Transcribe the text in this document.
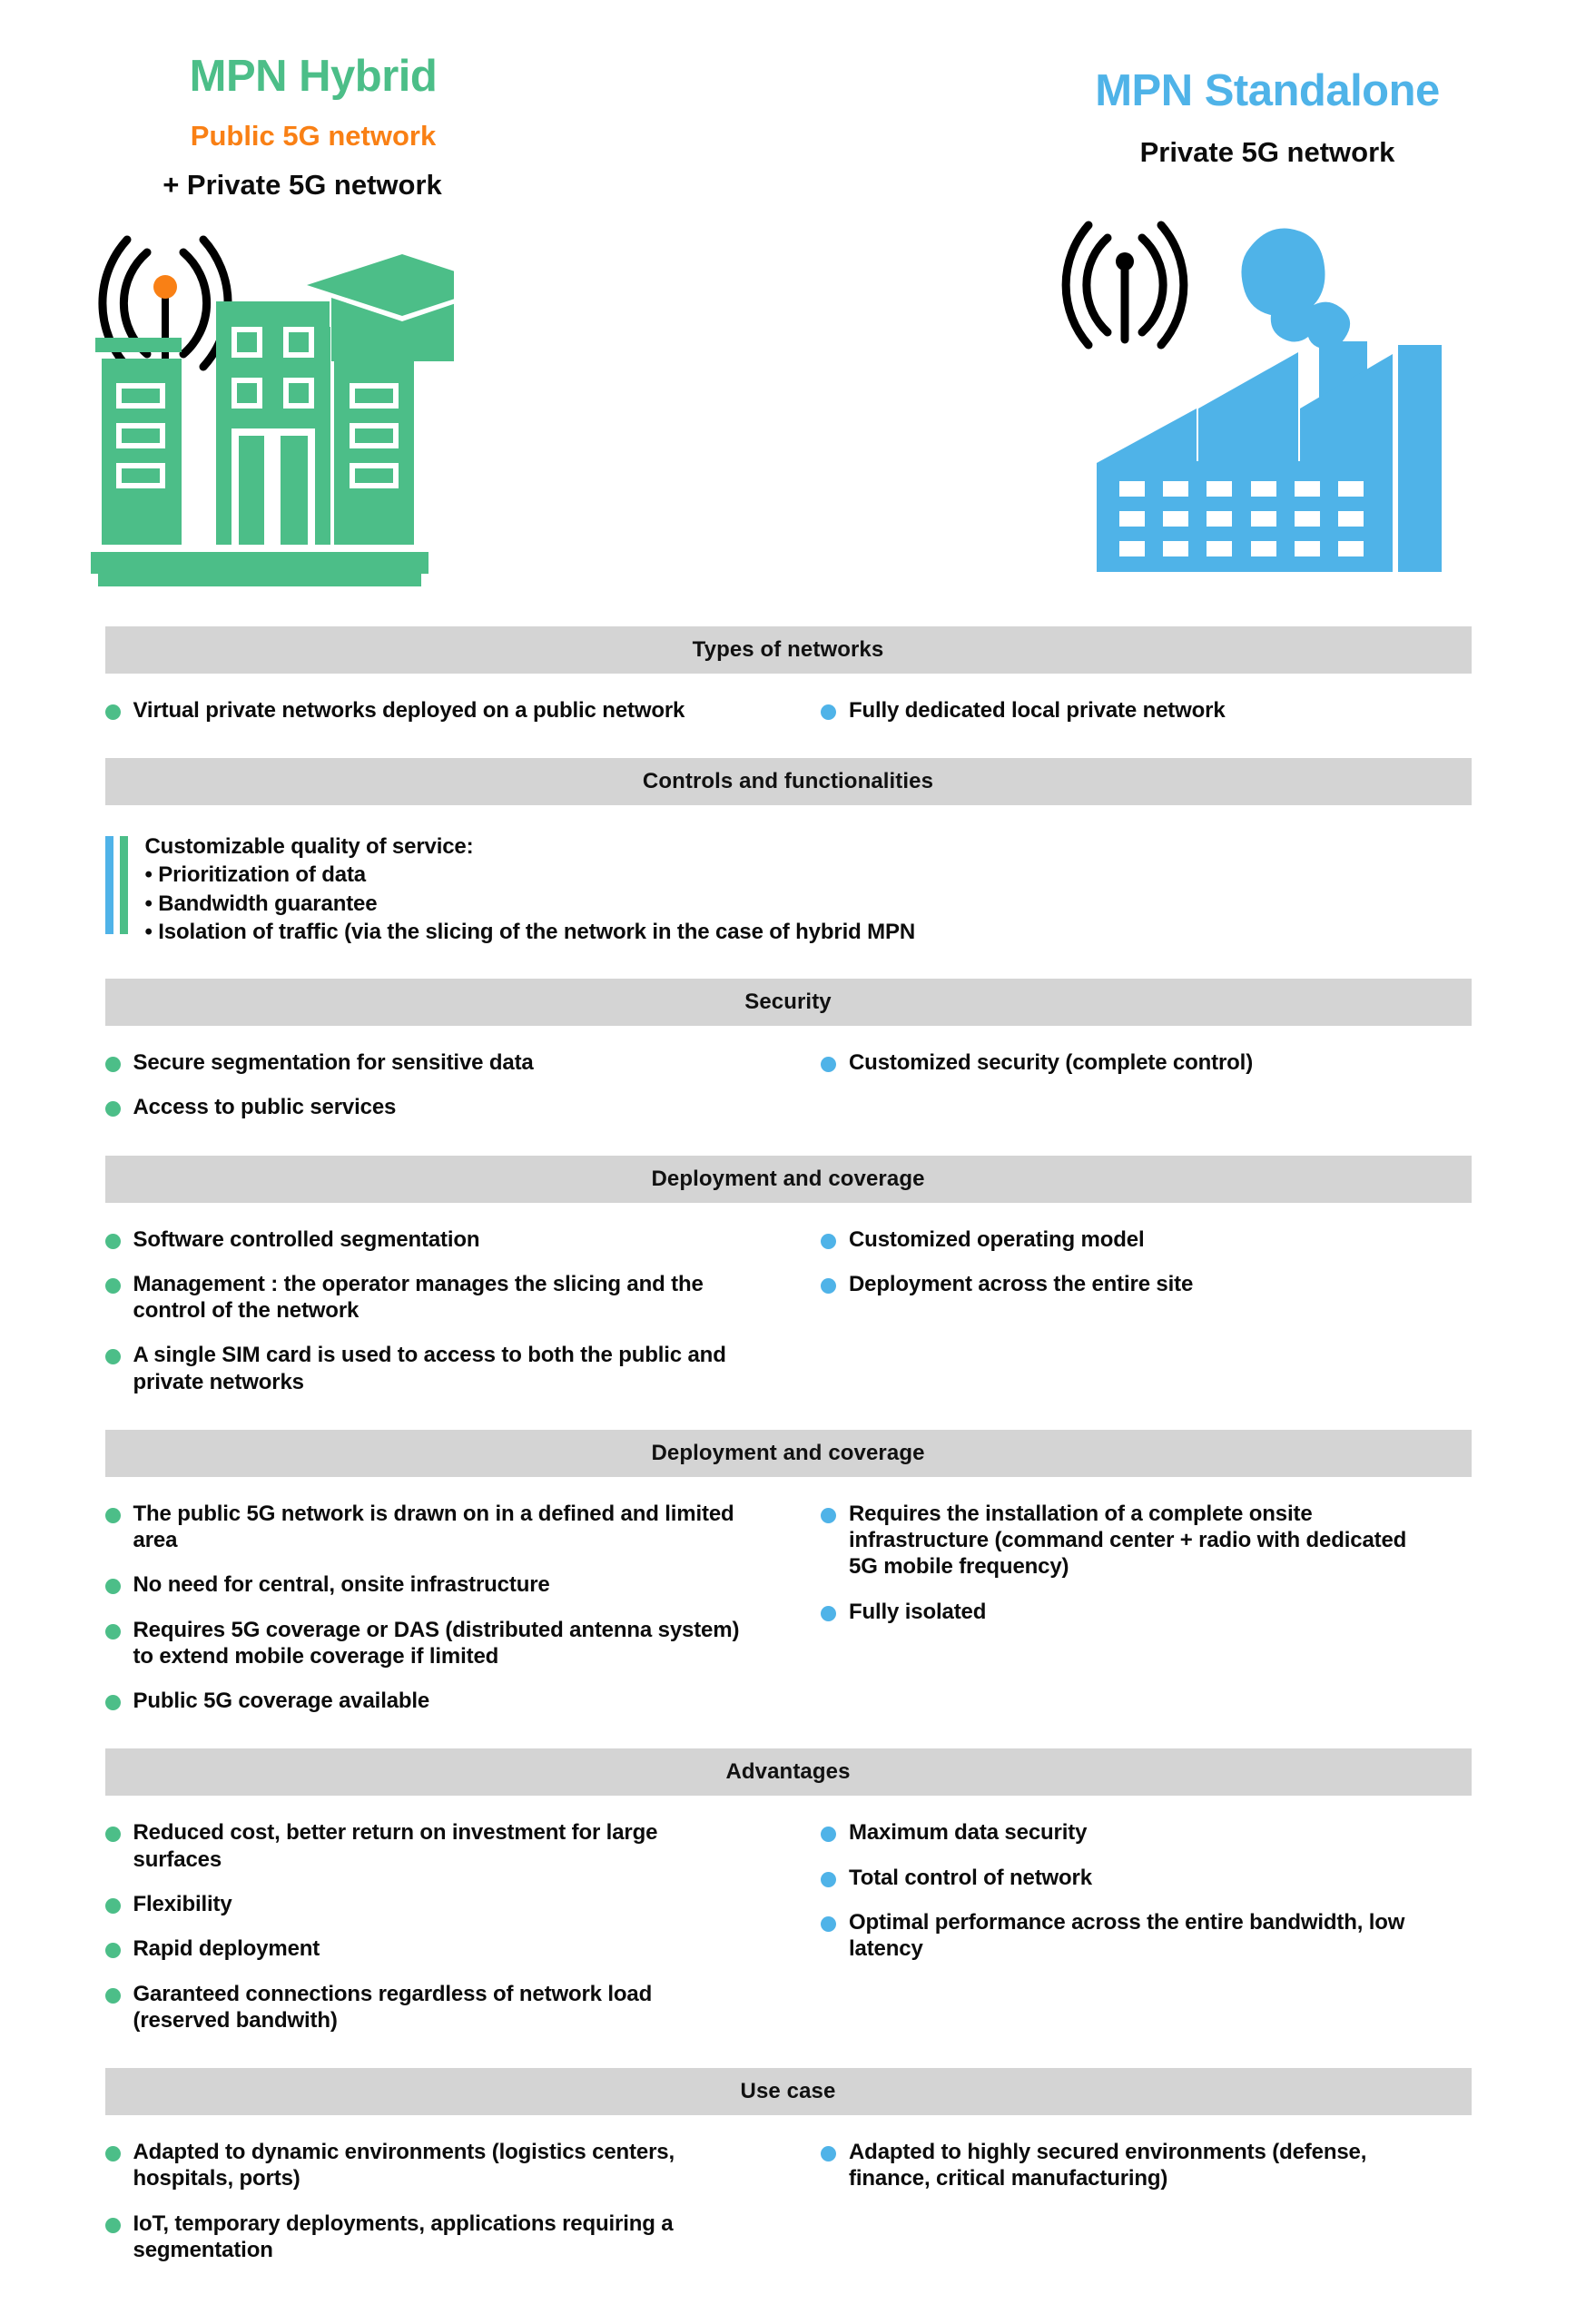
MPN Hybrid
Public 5G network
+ Private 5G network
MPN Standalone
Private 5G network
Types of networks
Virtual private networks deployed on a public network	Fully dedicated local private network
Controls and functionalities
Customizable quality of service:
• Prioritization of data
• Bandwidth guarantee
• Isolation of traffic (via the slicing of the network in the case of hybrid MPN
Security
Secure segmentation for sensitive data
Access to public services
Customized security (complete control)
Deployment and coverage
Software controlled segmentation
Management : the operator manages the slicing and the control of the network
A single SIM card is used to access to both the public and private networks
Customized operating model
Deployment across the entire site
Deployment and coverage
The public 5G network is drawn on in a defined and limited area
No need for central, onsite infrastructure
Requires 5G coverage or DAS (distributed antenna system) to extend mobile coverage if limited
Public 5G coverage available
Requires the installation of a complete onsite infrastructure (command center + radio with dedicated 5G mobile frequency)
Fully isolated
Advantages
Reduced cost, better return on investment for large surfaces
Flexibility
Rapid deployment
Garanteed connections regardless of network load (reserved bandwith)
Maximum data security
Total control of network
Optimal performance across the entire bandwidth, low latency
Use case
Adapted to dynamic environments (logistics centers, hospitals, ports)
IoT, temporary deployments, applications requiring a segmentation
Adapted to highly secured environments (defense, finance, critical manufacturing)
